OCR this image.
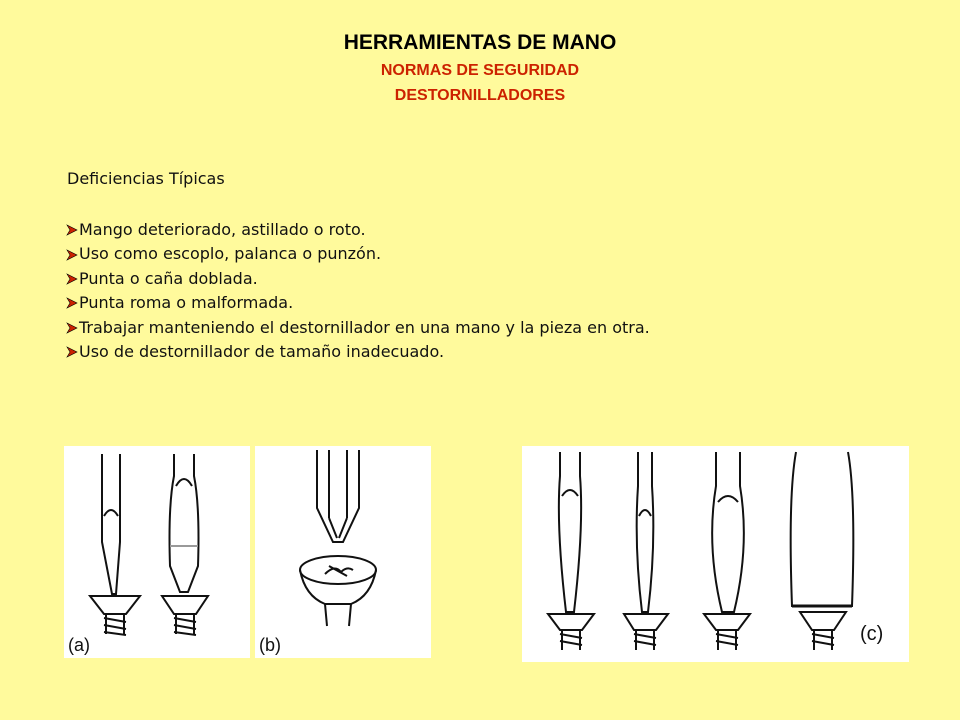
HERRAMIENTAS DE MANO
NORMAS DE SEGURIDAD
DESTORNILLADORES
Deficiencias Típicas
Mango deteriorado, astillado o roto.
Uso como escoplo, palanca o punzón.
Punta o caña doblada.
Punta roma o malformada.
Trabajar manteniendo el destornillador en una mano y la pieza en otra.
Uso de destornillador de tamaño inadecuado.
(a)	(b)	(c)
